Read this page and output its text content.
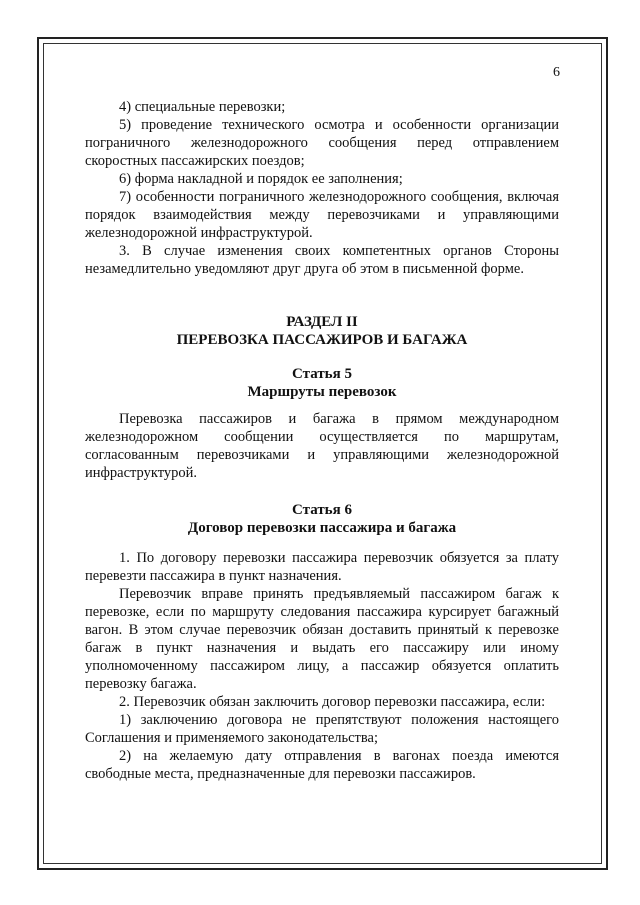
6

4) специальные перевозки;

5) проведение технического осмотра и особенности организации пограничного железнодорожного сообщения перед отправлением скоростных пассажирских поездов;

6) форма накладной и порядок ее заполнения;

7) особенности пограничного железнодорожного сообщения, включая порядок взаимодействия между перевозчиками и управляющими железнодорожной инфраструктурой.

3. В случае изменения своих компетентных органов Стороны незамедлительно уведомляют друг друга об этом в письменной форме.

РАЗДЕЛ II
ПЕРЕВОЗКА ПАССАЖИРОВ И БАГАЖА
Статья 5
Маршруты перевозок

Перевозка пассажиров и багажа в прямом международном железнодорожном сообщении осуществляется по маршрутам, согласованным перевозчиками и управляющими железнодорожной инфраструктурой.

Статья 6
Договор перевозки пассажира и багажа

1. По договору перевозки пассажира перевозчик обязуется за плату перевезти пассажира в пункт назначения.

Перевозчик вправе принять предъявляемый пассажиром багаж к перевозке, если по маршруту следования пассажира курсирует багажный вагон. В этом случае перевозчик обязан доставить принятый к перевозке багаж в пункт назначения и выдать его пассажиру или иному уполномоченному пассажиром лицу, а пассажир обязуется оплатить перевозку багажа.

2. Перевозчик обязан заключить договор перевозки пассажира, если:

1) заключению договора не препятствуют положения настоящего Соглашения и применяемого законодательства;

2) на желаемую дату отправления в вагонах поезда имеются свободные места, предназначенные для перевозки пассажиров.
